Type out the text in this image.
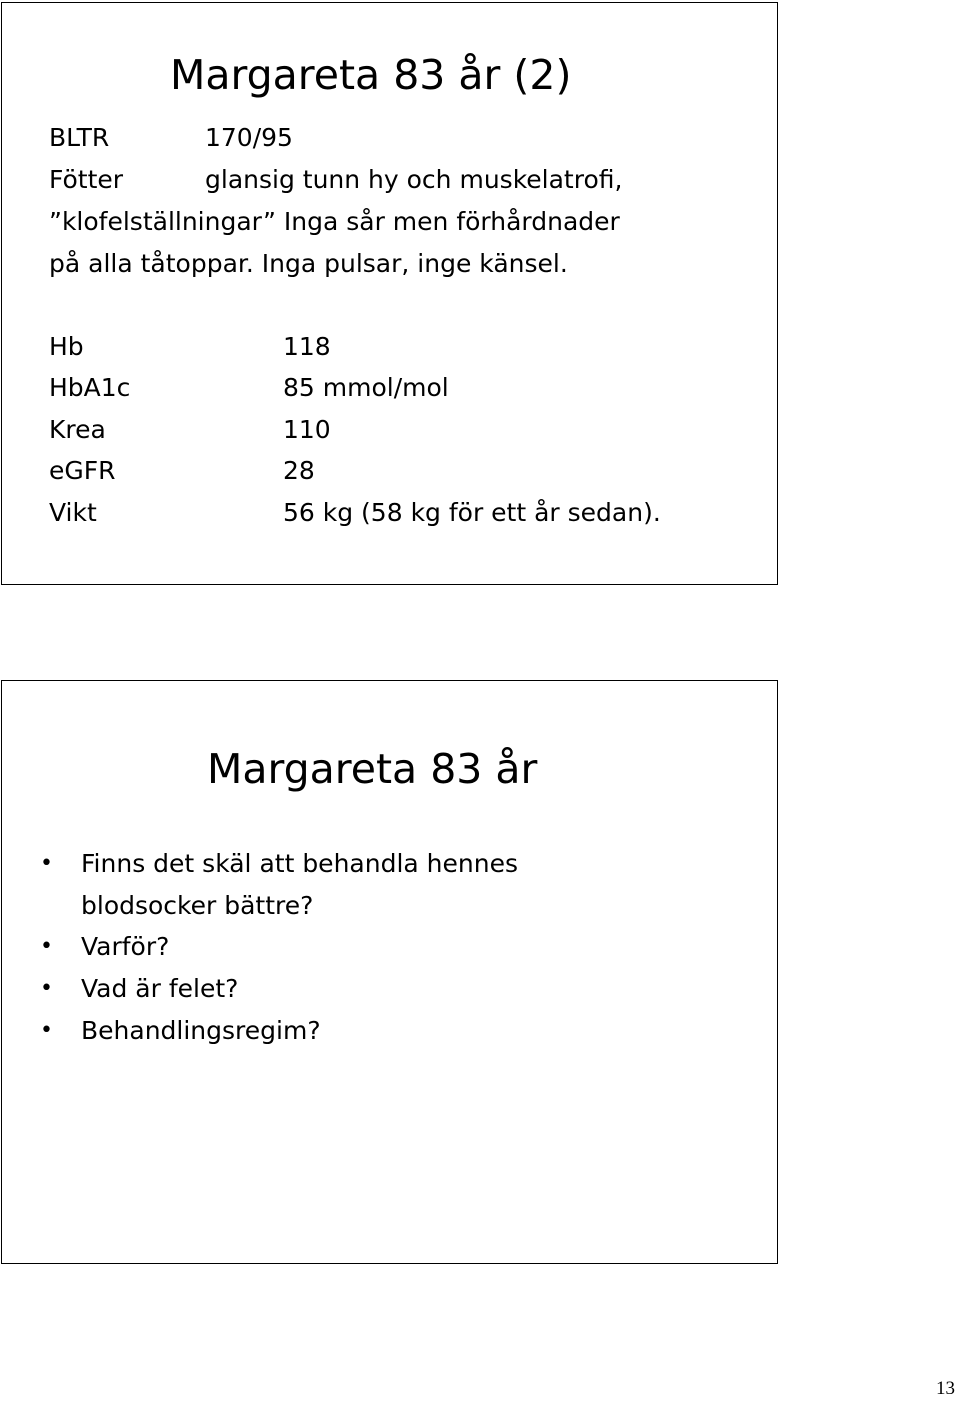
Margareta 83 år (2)
BLTR	170/95
Fötter	glansig tunn hy och muskelatrofi,
”klofelställningar” Inga sår men förhårdnader
på alla tåtoppar. Inga pulsar, inge känsel.
Hb	118
HbA1c	85 mmol/mol
Krea	110
eGFR	28
Vikt	56 kg (58 kg för ett år sedan).
Margareta 83 år
• Finns det skäl att behandla hennes
blodsocker bättre?
• Varför?
• Vad är felet?
• Behandlingsregim?
13
